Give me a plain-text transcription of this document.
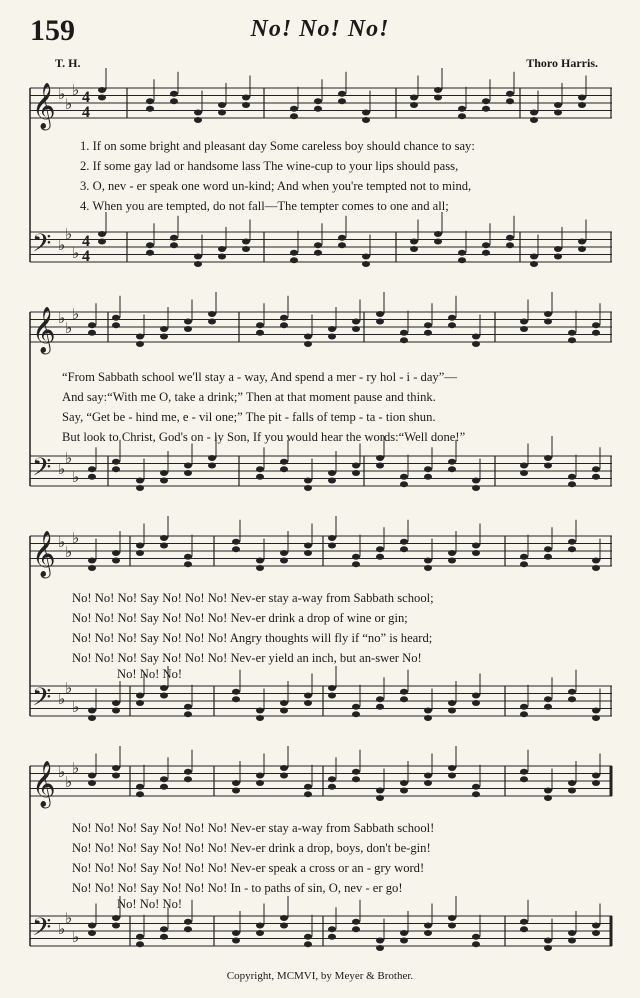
159	No! No! No!
T. H.	Thoro Harris.
𝄞 ♭
♭
♭ 4
4
𝄢 ♭
♭
♭
4
4
𝄞 ♭
♭
♭
𝄢 ♭
♭
♭
𝄞 ♭
♭
♭
𝄢 ♭
♭
♭
𝄞 ♭
♭
♭
𝄢 ♭
♭
♭
1. If on some bright and pleasant day Some careless boy should chance to say:
2. If some gay lad or handsome lass The wine-cup to your lips should pass,
3. O, nev - er speak one word un-kind; And when you're tempted not to mind,
4. When you are tempted, do not fall—The tempter comes to one and all;
“From Sabbath school we'll stay a - way, And spend a mer - ry hol - i - day”—
And say:“With me O, take a drink;” Then at that moment pause and think.
Say, “Get be - hind me, e - vil one;” The pit - falls of temp - ta - tion shun.
But look to Christ, God's on - ly Son, If you would hear the words:“Well done!”
No! No! No! Say No! No! No! Nev-er stay a-way from Sabbath school;
No! No! No! Say No! No! No! Nev-er drink a drop of wine or gin;
No! No! No! Say No! No! No! Angry thoughts will fly if “no” is heard;
No! No! No! Say No! No! No! Nev-er yield an inch, but an-swer No!
No! No! No!
No! No! No! Say No! No! No! Nev-er stay a-way from Sabbath school!
No! No! No! Say No! No! No! Nev-er drink a drop, boys, don't be-gin!
No! No! No! Say No! No! No! Nev-er speak a cross or an - gry word!
No! No! No! Say No! No! No! In - to paths of sin, O, nev - er go!
No! No! No!
Copyright, MCMVI, by Meyer & Brother.
